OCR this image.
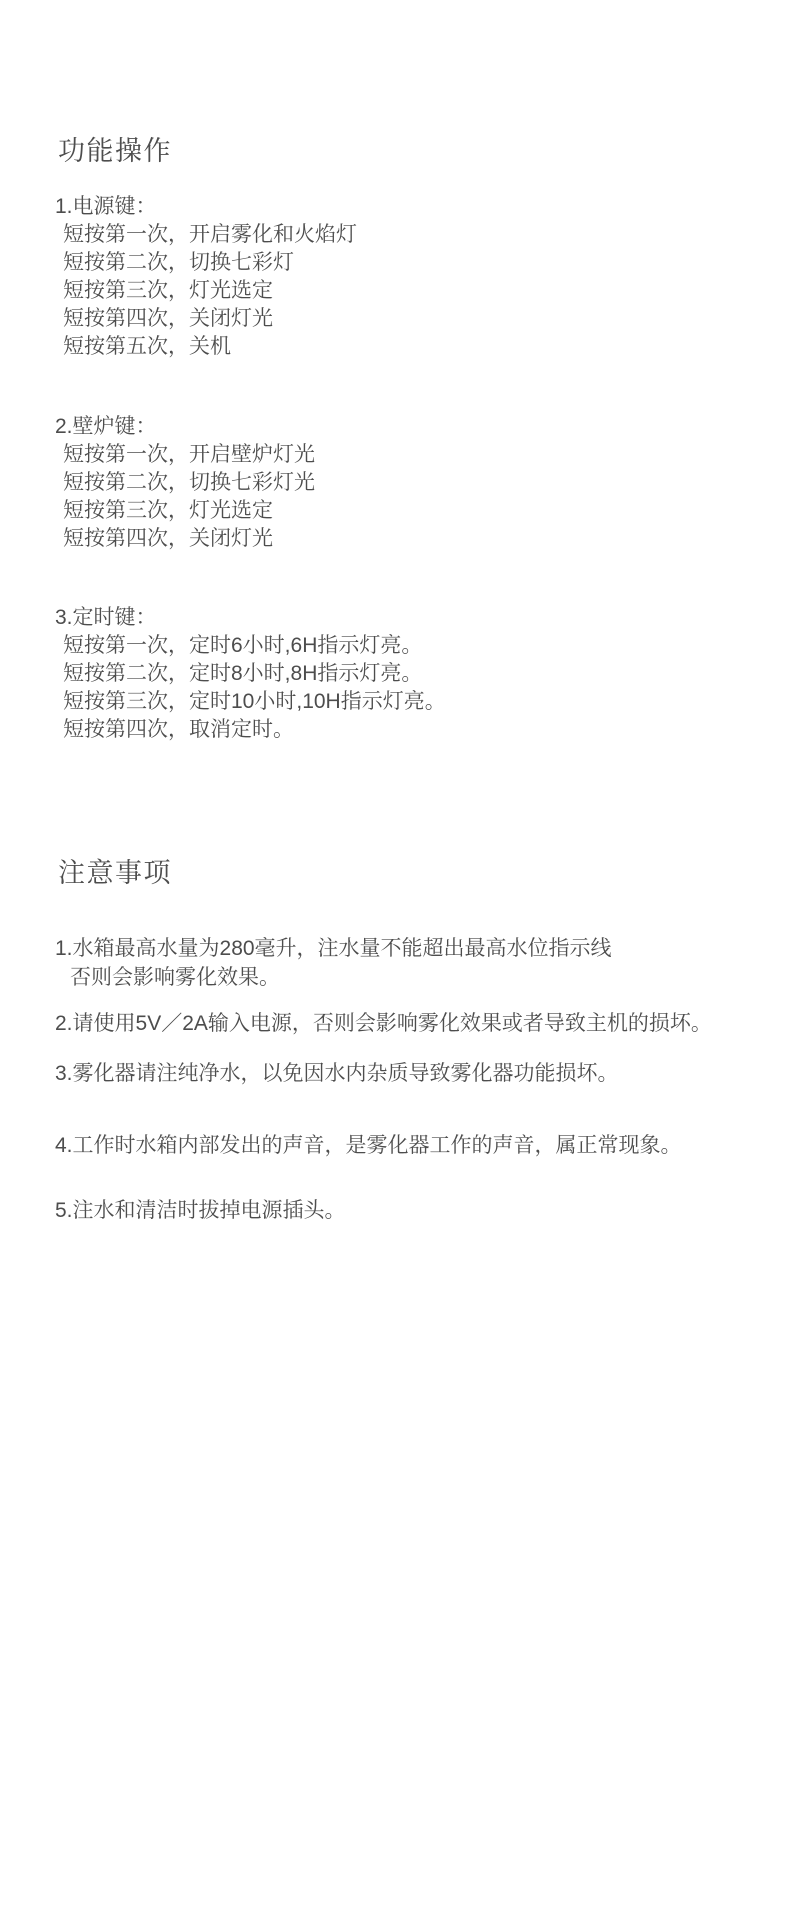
功能操作
1.电源键：
短按第一次，开启雾化和火焰灯
短按第二次，切换七彩灯
短按第三次，灯光选定
短按第四次，关闭灯光
短按第五次，关机
2.壁炉键：
短按第一次，开启壁炉灯光
短按第二次，切换七彩灯光
短按第三次，灯光选定
短按第四次，关闭灯光
3.定时键：
短按第一次，定时6小时,6H指示灯亮。
短按第二次，定时8小时,8H指示灯亮。
短按第三次，定时10小时,10H指示灯亮。
短按第四次，取消定时。
注意事项
1.水箱最高水量为280毫升，注水量不能超出最高水位指示线
否则会影响雾化效果。
2.请使用5V／2A输入电源，否则会影响雾化效果或者导致主机的损坏。
3.雾化器请注纯净水，以免因水内杂质导致雾化器功能损坏。
4.工作时水箱内部发出的声音，是雾化器工作的声音，属正常现象。
5.注水和清洁时拔掉电源插头。
